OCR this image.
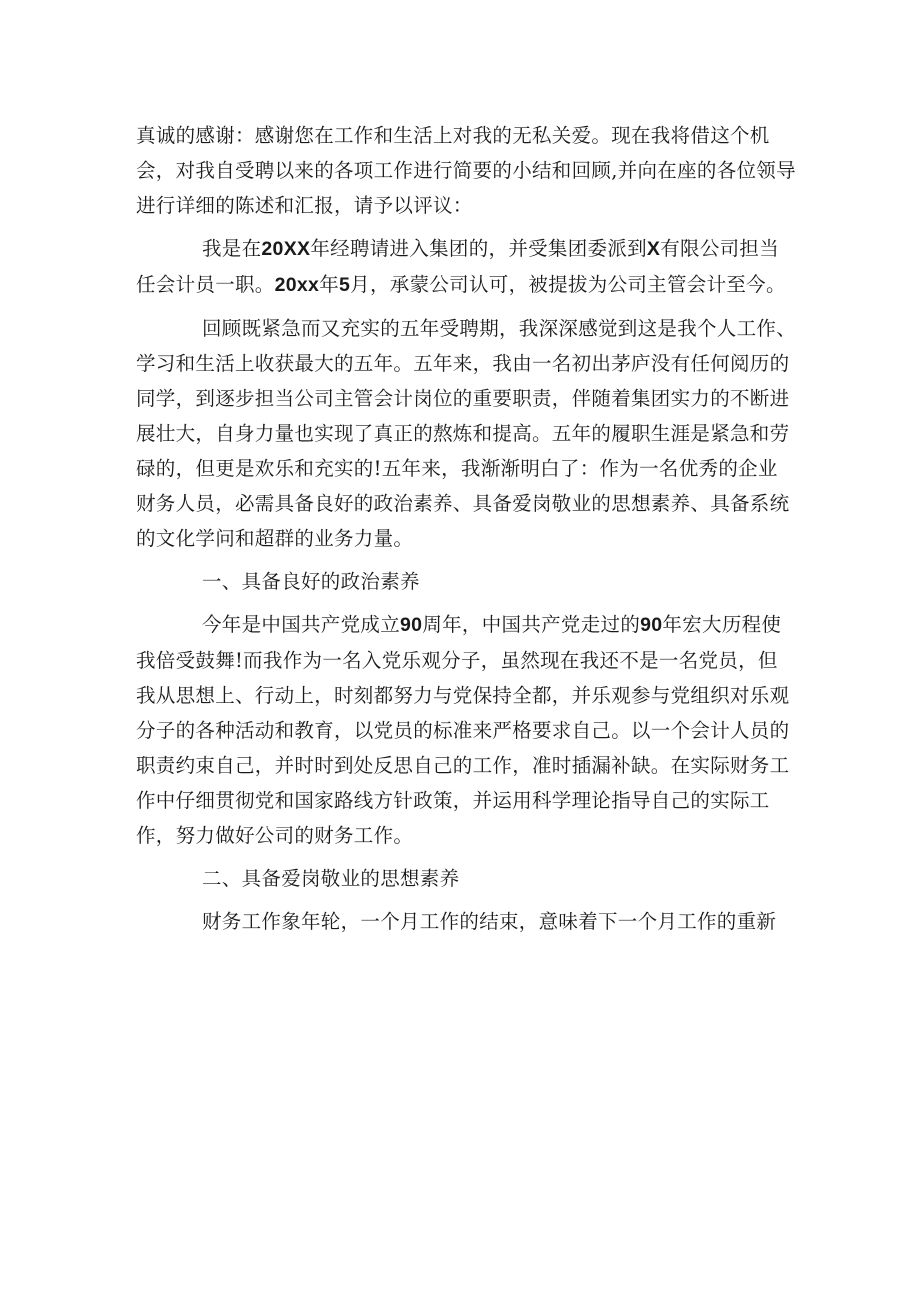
真诚的感谢：感谢您在工作和生活上对我的无私关爱。现在我将借这个机会，对我自受聘以来的各项工作进行简要的小结和回顾,并向在座的各位领导进行详细的陈述和汇报，请予以评议：

我是在20XX年经聘请进入集团的，并受集团委派到X有限公司担当任会计员一职。20xx年5月，承蒙公司认可，被提拔为公司主管会计至今。

回顾既紧急而又充实的五年受聘期，我深深感觉到这是我个人工作、学习和生活上收获最大的五年。五年来，我由一名初出茅庐没有任何阅历的同学，到逐步担当公司主管会计岗位的重要职责，伴随着集团实力的不断进展壮大，自身力量也实现了真正的熬炼和提高。五年的履职生涯是紧急和劳碌的，但更是欢乐和充实的!五年来，我渐渐明白了：作为一名优秀的企业财务人员，必需具备良好的政治素养、具备爱岗敬业的思想素养、具备系统的文化学问和超群的业务力量。

一、具备良好的政治素养

今年是中国共产党成立90周年，中国共产党走过的90年宏大历程使我倍受鼓舞!而我作为一名入党乐观分子，虽然现在我还不是一名党员，但我从思想上、行动上，时刻都努力与党保持全都，并乐观参与党组织对乐观分子的各种活动和教育，以党员的标准来严格要求自己。以一个会计人员的职责约束自己，并时时到处反思自己的工作，准时插漏补缺。在实际财务工作中仔细贯彻党和国家路线方针政策，并运用科学理论指导自己的实际工作，努力做好公司的财务工作。

二、具备爱岗敬业的思想素养

财务工作象年轮，一个月工作的结束，意味着下一个月工作的重新
